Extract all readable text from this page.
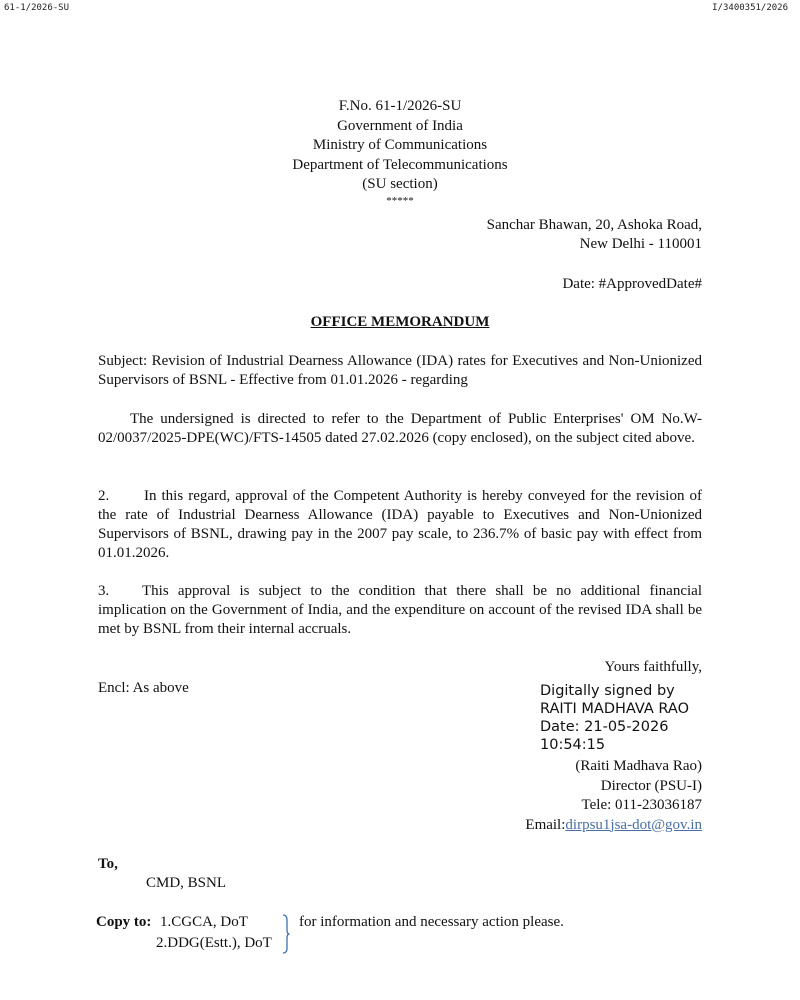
61-1/2026-SU	I/3400351/2026
F.No. 61-1/2026-SU
Government of India
Ministry of Communications
Department of Telecommunications
(SU section)
*****
Sanchar Bhawan, 20, Ashoka Road,
New Delhi - 110001
Date: #ApprovedDate#
OFFICE MEMORANDUM

Subject: Revision of Industrial Dearness Allowance (IDA) rates for Executives and Non-Unionized Supervisors of BSNL - Effective from 01.01.2026 - regarding

The undersigned is directed to refer to the Department of Public Enterprises' OM No.W-02/0037/2025-DPE(WC)/FTS-14505 dated 27.02.2026 (copy enclosed), on the subject cited above.

2. In this regard, approval of the Competent Authority is hereby conveyed for the revision of the rate of Industrial Dearness Allowance (IDA) payable to Executives and Non-Unionized Supervisors of BSNL, drawing pay in the 2007 pay scale, to 236.7% of basic pay with effect from 01.01.2026.

3. This approval is subject to the condition that there shall be no additional financial implication on the Government of India, and the expenditure on account of the revised IDA shall be met by BSNL from their internal accruals.

Yours faithfully,
Encl: As above	Digitally signed by
RAITI MADHAVA RAO
Date: 21-05-2026
10:54:15
(Raiti Madhava Rao)
Director (PSU-I)
Tele: 011-23036187
Email:dirpsu1jsa-dot@gov.in
To,
CMD, BSNL
Copy to: 1.CGCA, DoT
2.DDG(Estt.), DoT
for information and necessary action please.
